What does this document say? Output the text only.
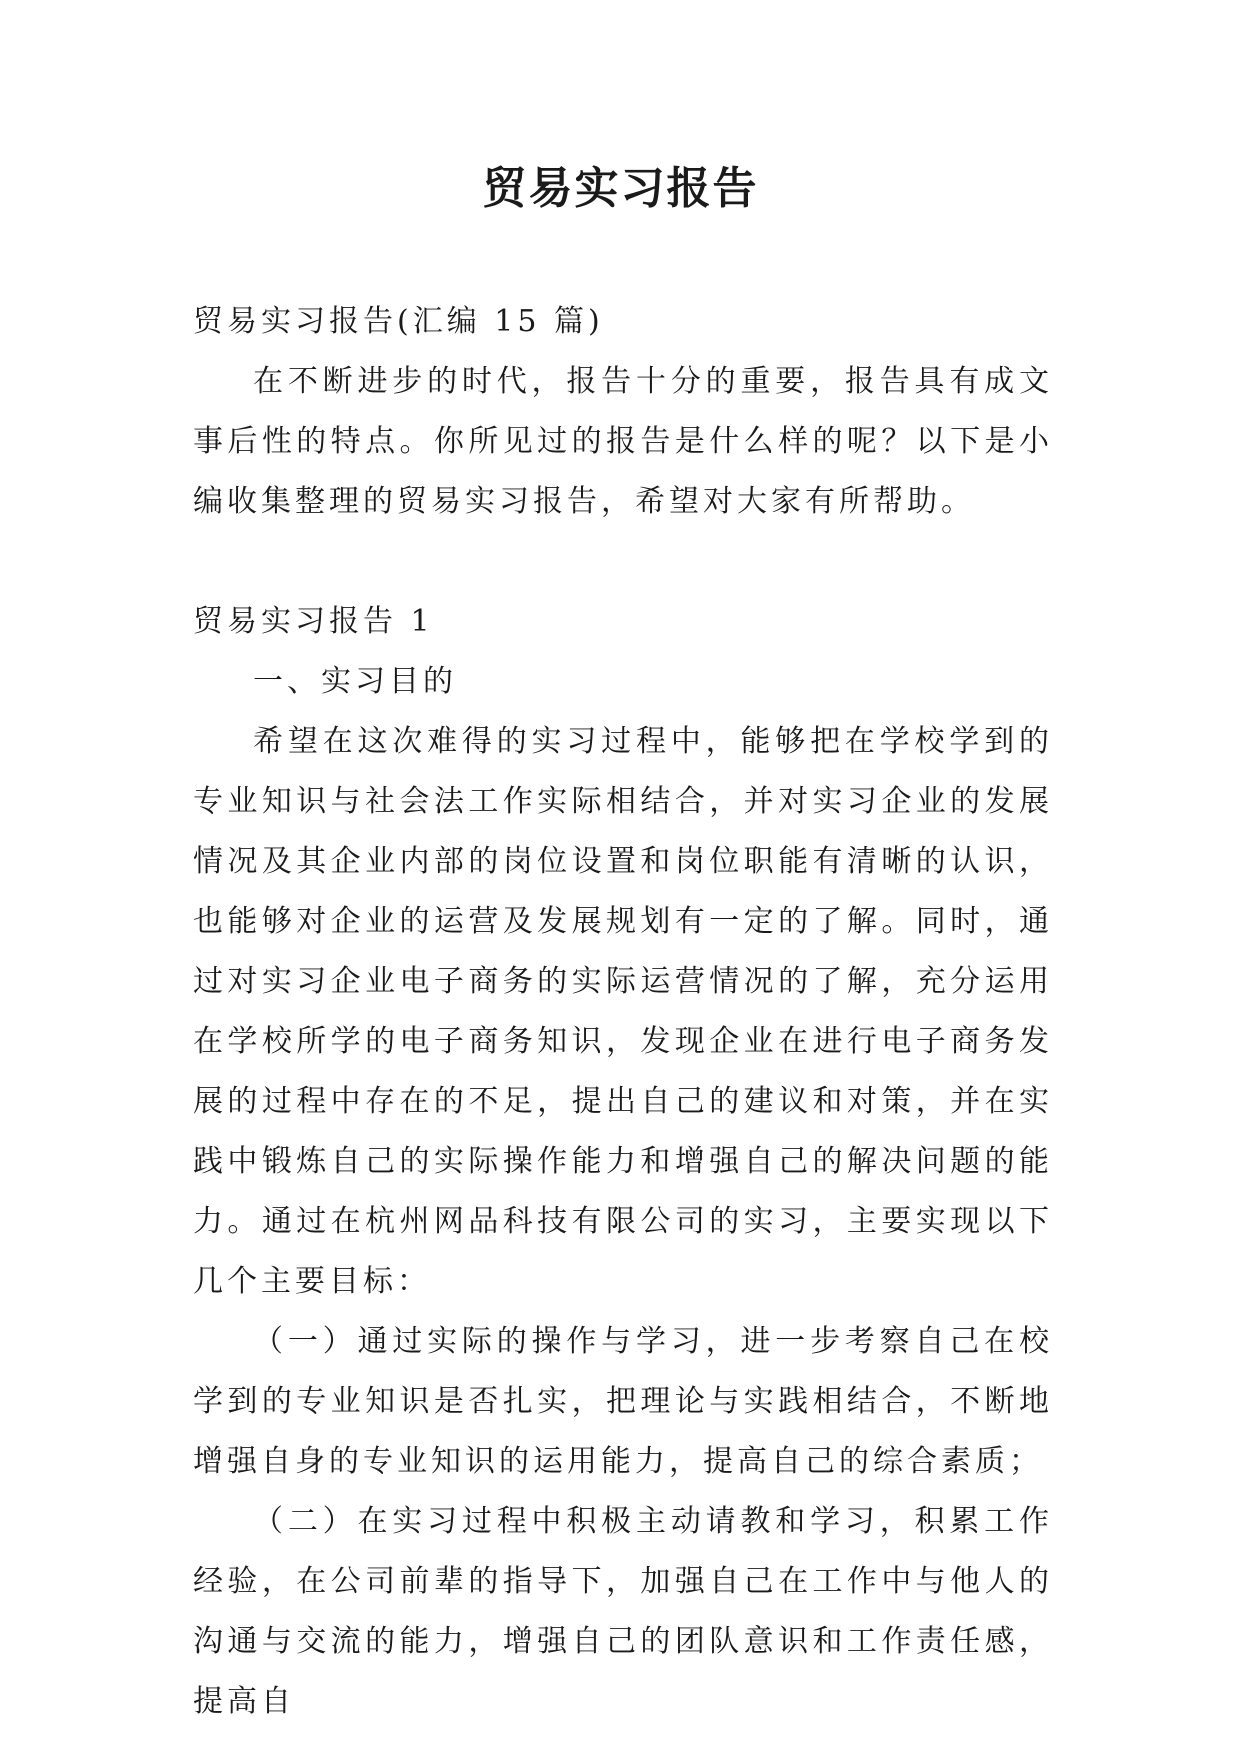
贸易实习报告

贸易实习报告(汇编 15 篇)

在不断进步的时代，报告十分的重要，报告具有成文事后性的特点。你所见过的报告是什么样的呢？以下是小编收集整理的贸易实习报告，希望对大家有所帮助。

贸易实习报告 1

一、实习目的

希望在这次难得的实习过程中，能够把在学校学到的专业知识与社会法工作实际相结合，并对实习企业的发展情况及其企业内部的岗位设置和岗位职能有清晰的认识，也能够对企业的运营及发展规划有一定的了解。同时，通过对实习企业电子商务的实际运营情况的了解，充分运用在学校所学的电子商务知识，发现企业在进行电子商务发展的过程中存在的不足，提出自己的建议和对策，并在实践中锻炼自己的实际操作能力和增强自己的解决问题的能力。通过在杭州网品科技有限公司的实习，主要实现以下几个主要目标：

（一）通过实际的操作与学习，进一步考察自己在校学到的专业知识是否扎实，把理论与实践相结合，不断地增强自身的专业知识的运用能力，提高自己的综合素质；

（二）在实习过程中积极主动请教和学习，积累工作经验，在公司前辈的指导下，加强自己在工作中与他人的沟通与交流的能力，增强自己的团队意识和工作责任感，提高自
